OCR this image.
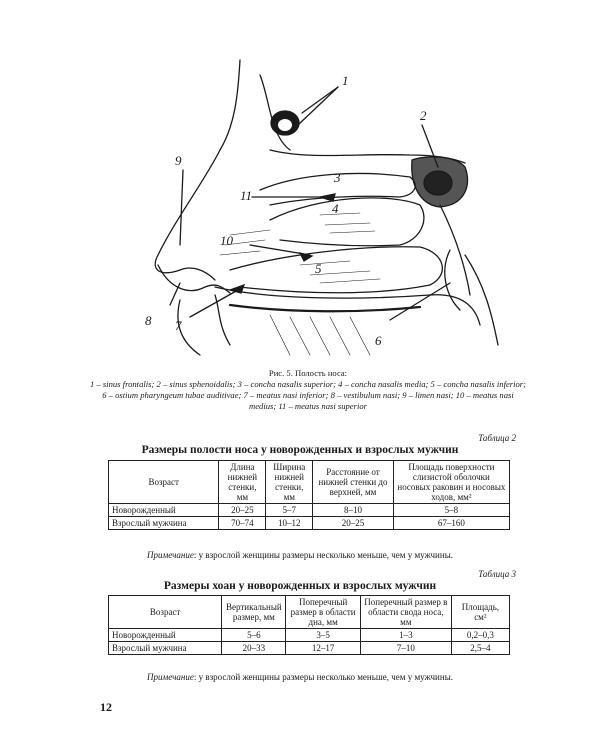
1
2
3
4
5
6
7
8
9
10
11
Рис. 5. Полость носа:
1 – sinus frontalis; 2 – sinus sphenoidalis; 3 – concha nasalis superior; 4 – concha nasalis media; 5 – concha nasalis inferior; 6 – ostium pharyngeum tubae auditivae; 7 – meatus nasi inferior; 8 – vestibulum nasi; 9 – limen nasi; 10 – meatus nasi medius; 11 – meatus nasi superior
Таблица 2
Размеры полости носа у новорожденных и взрослых мужчин
Возраст	Длина нижней стенки, мм	Ширина нижней стенки, мм	Расстояние от нижней стенки до верхней, мм	Площадь поверхности слизистой оболочки носовых раковин и носовых ходов, мм²
Новорожденный	20–25	5–7	8–10	5–8
Взрослый мужчина	70–74	10–12	20–25	67–160
Примечание: у взрослой женщины размеры несколько меньше, чем у мужчины.
Таблица 3
Размеры хоан у новорожденных и взрослых мужчин
Возраст	Вертикальный размер, мм	Поперечный размер в области дна, мм	Поперечный размер в области свода носа, мм	Площадь, см²
Новорожденный	5–6	3–5	1–3	0,2–0,3
Взрослый мужчина	20–33	12–17	7–10	2,5–4
Примечание: у взрослой женщины размеры несколько меньше, чем у мужчины.
12
